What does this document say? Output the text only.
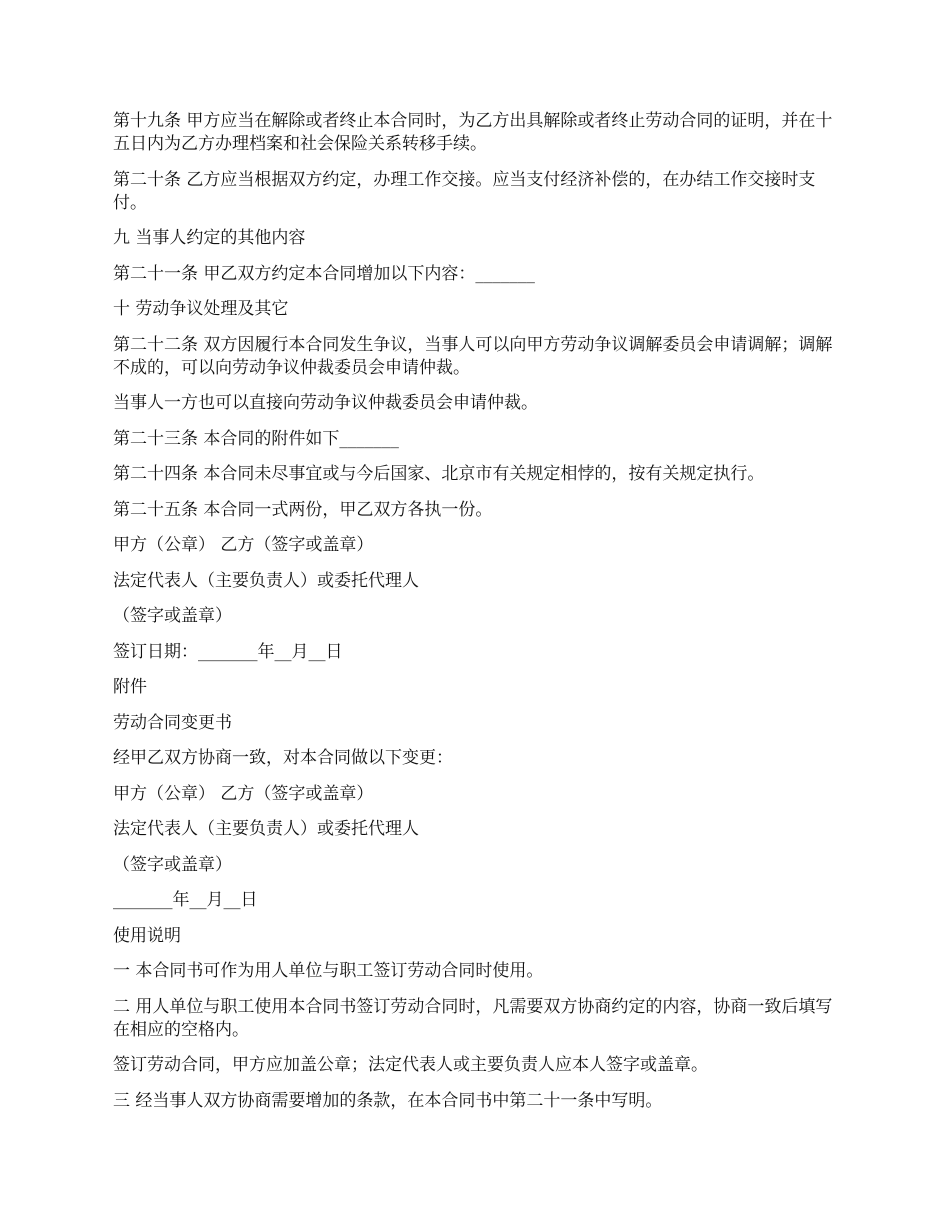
第十九条 甲方应当在解除或者终止本合同时，为乙方出具解除或者终止劳动合同的证明，并在十五日内为乙方办理档案和社会保险关系转移手续。

第二十条 乙方应当根据双方约定，办理工作交接。应当支付经济补偿的，在办结工作交接时支付。

九 当事人约定的其他内容

第二十一条 甲乙双方约定本合同增加以下内容：_______

十 劳动争议处理及其它

第二十二条 双方因履行本合同发生争议，当事人可以向甲方劳动争议调解委员会申请调解；调解不成的，可以向劳动争议仲裁委员会申请仲裁。

当事人一方也可以直接向劳动争议仲裁委员会申请仲裁。

第二十三条 本合同的附件如下_______

第二十四条 本合同未尽事宜或与今后国家、北京市有关规定相悖的，按有关规定执行。

第二十五条 本合同一式两份，甲乙双方各执一份。

甲方（公章） 乙方（签字或盖章）

法定代表人（主要负责人）或委托代理人

（签字或盖章）

签订日期：_______年__月__日

附件

劳动合同变更书

经甲乙双方协商一致，对本合同做以下变更：

甲方（公章） 乙方（签字或盖章）

法定代表人（主要负责人）或委托代理人

（签字或盖章）

_______年__月__日

使用说明

一 本合同书可作为用人单位与职工签订劳动合同时使用。

二 用人单位与职工使用本合同书签订劳动合同时，凡需要双方协商约定的内容，协商一致后填写在相应的空格内。

签订劳动合同，甲方应加盖公章；法定代表人或主要负责人应本人签字或盖章。

三 经当事人双方协商需要增加的条款，在本合同书中第二十一条中写明。
